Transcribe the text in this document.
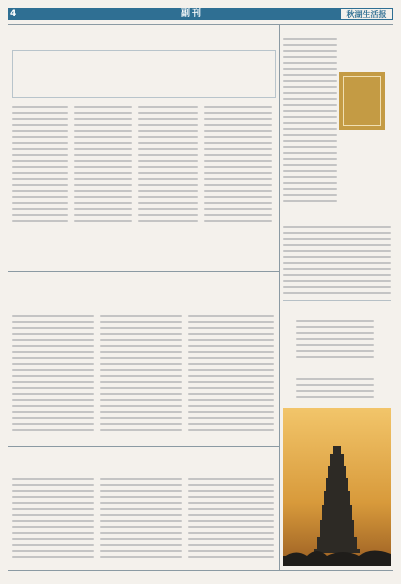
4	副刊	秋湖生活报
